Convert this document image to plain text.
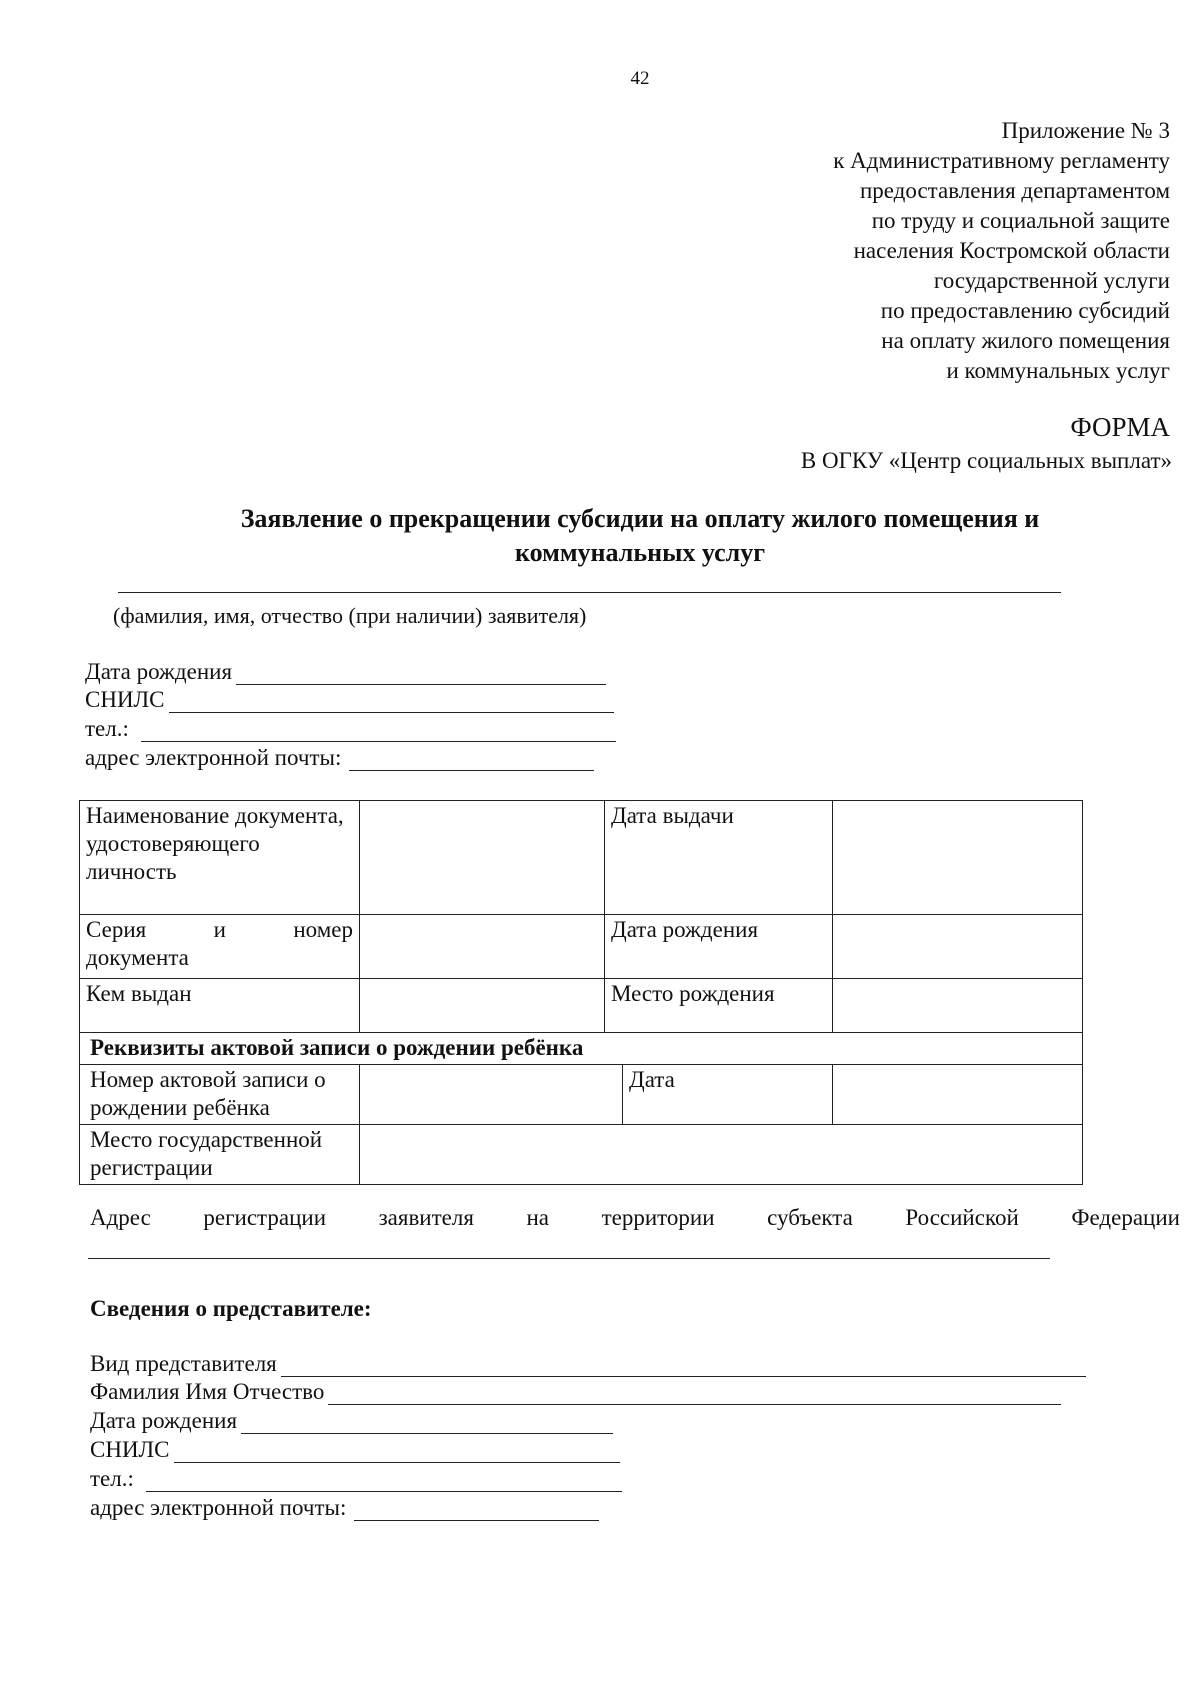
42
Приложение № 3
к Административному регламенту
предоставления департаментом
по труду и социальной защите
населения Костромской области
государственной услуги
по предоставлению субсидий
на оплату жилого помещения
и коммунальных услуг
ФОРМА
В ОГКУ «Центр социальных выплат»
Заявление о прекращении субсидии на оплату жилого помещения и
коммунальных услуг
(фамилия, имя, отчество (при наличии) заявителя)
Дата рождения
СНИЛС
тел.:
адрес электронной почты:
Наименование документа, удостоверяющего личность		Дата выдачи		

Серия и номер
документа		Дата рождения		
Кем выдан		Место рождения		
Реквизиты актовой записи о рождении ребёнка				
Номер актовой записи о рождении ребёнка			Дата	
Место государственной регистрации				
Адрес регистрации заявителя на территории субъекта Российской Федерации
Сведения о представителе:
Вид представителя
Фамилия Имя Отчество
Дата рождения
СНИЛС
тел.:
адрес электронной почты:
